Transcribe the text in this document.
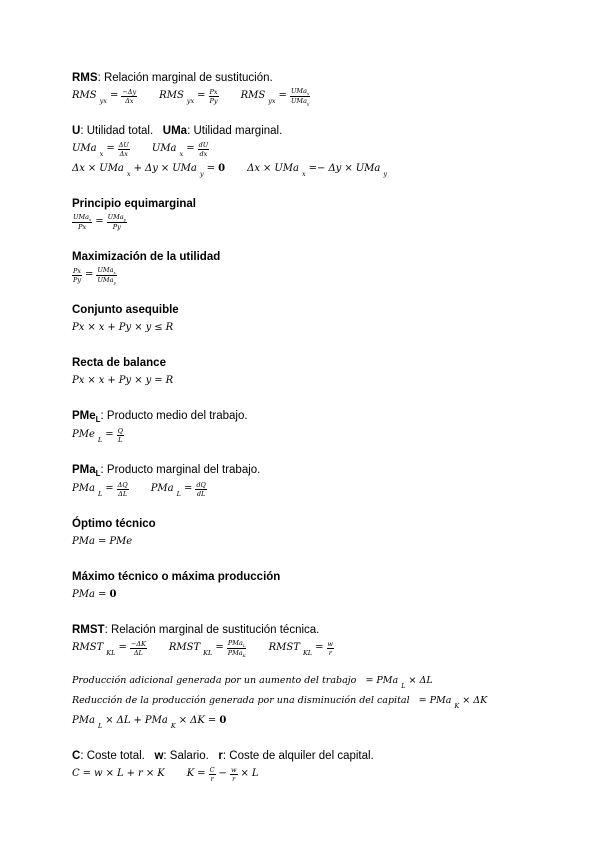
RMS: Relación marginal de sustitución.
RMS yx = $\frac{-\Delta y}{\Delta x}$ RMS yx = $\frac{Px}{Py}$ RMS yx = $\frac{UMa_x}{UMa_y}$
U: Utilidad total. UMa: Utilidad marginal.
UMa $x = \frac{\Delta U}{\Delta x}$ UMa $x = \frac{dU}{dx}$
Δx × UMa x + Δy × UMa y = 0 Δx × UMa x =− Δy × UMa y
Principio equimarginal
$\frac{UMa_x}{Px} = \frac{UMa_y}{Py}$
Maximización de la utilidad
$\frac{Px}{Py} = \frac{UMa_x}{UMa_y}$
Conjunto asequible
Px × x + Py × y ≤ R
Recta de balance
Px × x + Py × y = R
PMe$_L$: Producto medio del trabajo.
PMe $L = \frac{Q}{L}$
PMa$_L$: Producto marginal del trabajo.
PMa $L = \frac{\Delta Q}{\Delta L}$ PMa $L = \frac{dQ}{dL}$
Óptimo técnico
PMa = PMe
Máximo técnico o máxima producción
PMa = 0
RMST: Relación marginal de sustitución técnica.
RMST KL = $\frac{-\Delta K}{\Delta L}$ RMST KL = $\frac{PMa_L}{PMa_K}$ RMST KL = $\frac{w}{r}$
Producción adicional generada por un aumento del trabajo
= PMa L × ΔL
Reducción de la producción generada por una disminución del capital
= PMa K × ΔK
PMa L × ΔL + PMa K × ΔK = 0
C: Coste total. w: Salario. r: Coste de alquiler del capital.
C = w × L + r × K $K = \frac{C}{r} - \frac{w}{r} \times L$
